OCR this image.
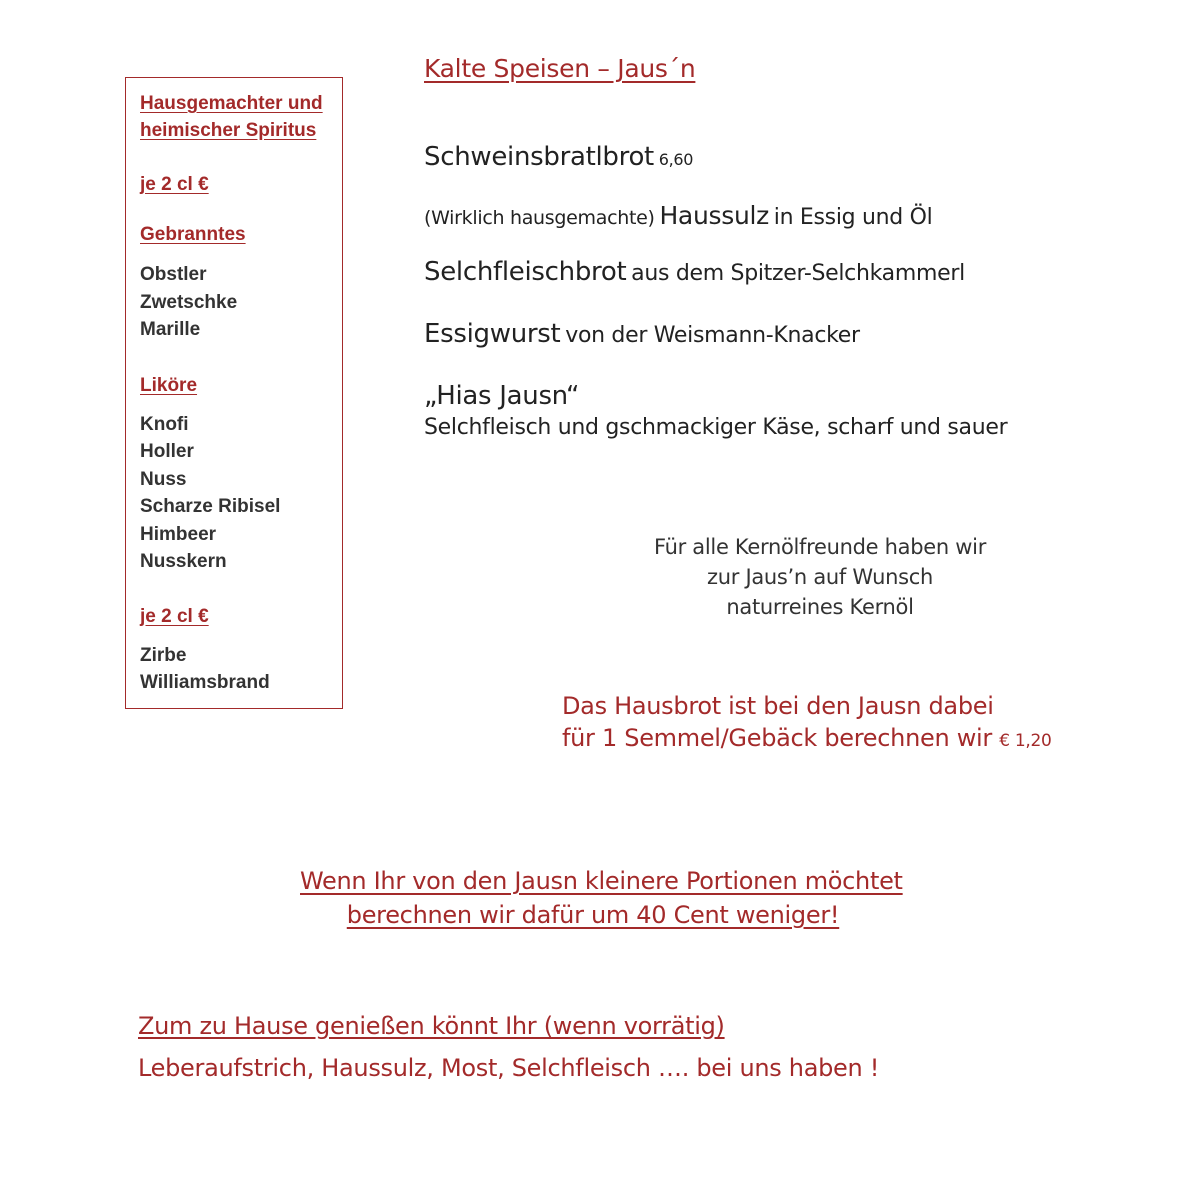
Hausgemachter und

heimischer Spiritus

je 2 cl €

Gebranntes

Obstler
Zwetschke
Marille

Liköre

Knofi
Holler
Nuss
Scharze Ribisel
Himbeer
Nusskern

je 2 cl €

Zirbe
Williamsbrand
Kalte Speisen – Jaus´n
Schweinsbratlbrot 6,60
(Wirklich hausgemachte) Haussulz in Essig und Öl
Selchfleischbrot aus dem Spitzer-Selchkammerl
Essigwurst von der Weismann-Knacker
„Hias Jausn“
Selchfleisch und gschmackiger Käse, scharf und sauer
Für alle Kernölfreunde haben wir
zur Jaus’n auf Wunsch
naturreines Kernöl
Das Hausbrot ist bei den Jausn dabei
für 1 Semmel/Gebäck berechnen wir € 1,20
Wenn Ihr von den Jausn kleinere Portionen möchtet
berechnen wir dafür um 40 Cent weniger!
Zum zu Hause genießen könnt Ihr (wenn vorrätig)
Leberaufstrich, Haussulz, Most, Selchfleisch …. bei uns haben !
